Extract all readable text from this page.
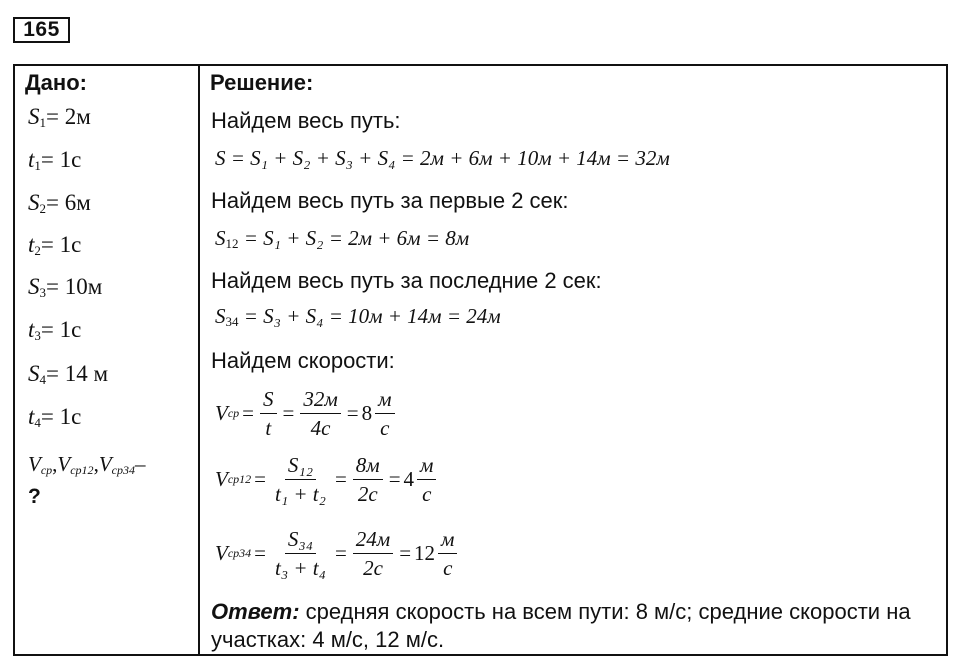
165
Дано:
$S_1= 2м$
$t_1= 1с$
$S_2= 6м$
$t_2= 1с$
$S_3= 10м$
$t_3= 1с$
$S_4= 14$ м
$t_4= 1с$
$V_{ср},V_{ср12},V_{ср34}-$
?
Решение:
Найдем весь путь:
S = S₁ + S₂ + S₃ + S₄ = 2м + 6м + 10м + 14м = 32м
Найдем весь путь за первые 2 сек:
$S_{12} = S_1 + S_2 = 2м + 6м = 8м$
Найдем весь путь за последние 2 сек:
$S_{34} = S_3 + S_4 = 10м + 14м = 24м$
Найдем скорости:
V ср = $\frac{S}{t} = \frac{32м}{4с} = 8 \frac{м}{с}$
V $ср12 = \frac{\text{S₁₂}}{\text{t₁ + t₂}} = \frac{8м}{2с} = 4 \frac{м}{с}$
V $ср34 = \frac{\text{S₃₄}}{\text{t₃ + t₄}} = \frac{24м}{2с} = 12 \frac{м}{с}$
Ответ: средняя скорость на всем пути: 8 м/с; средние скорости на участках: 4 м/с, 12 м/с.
